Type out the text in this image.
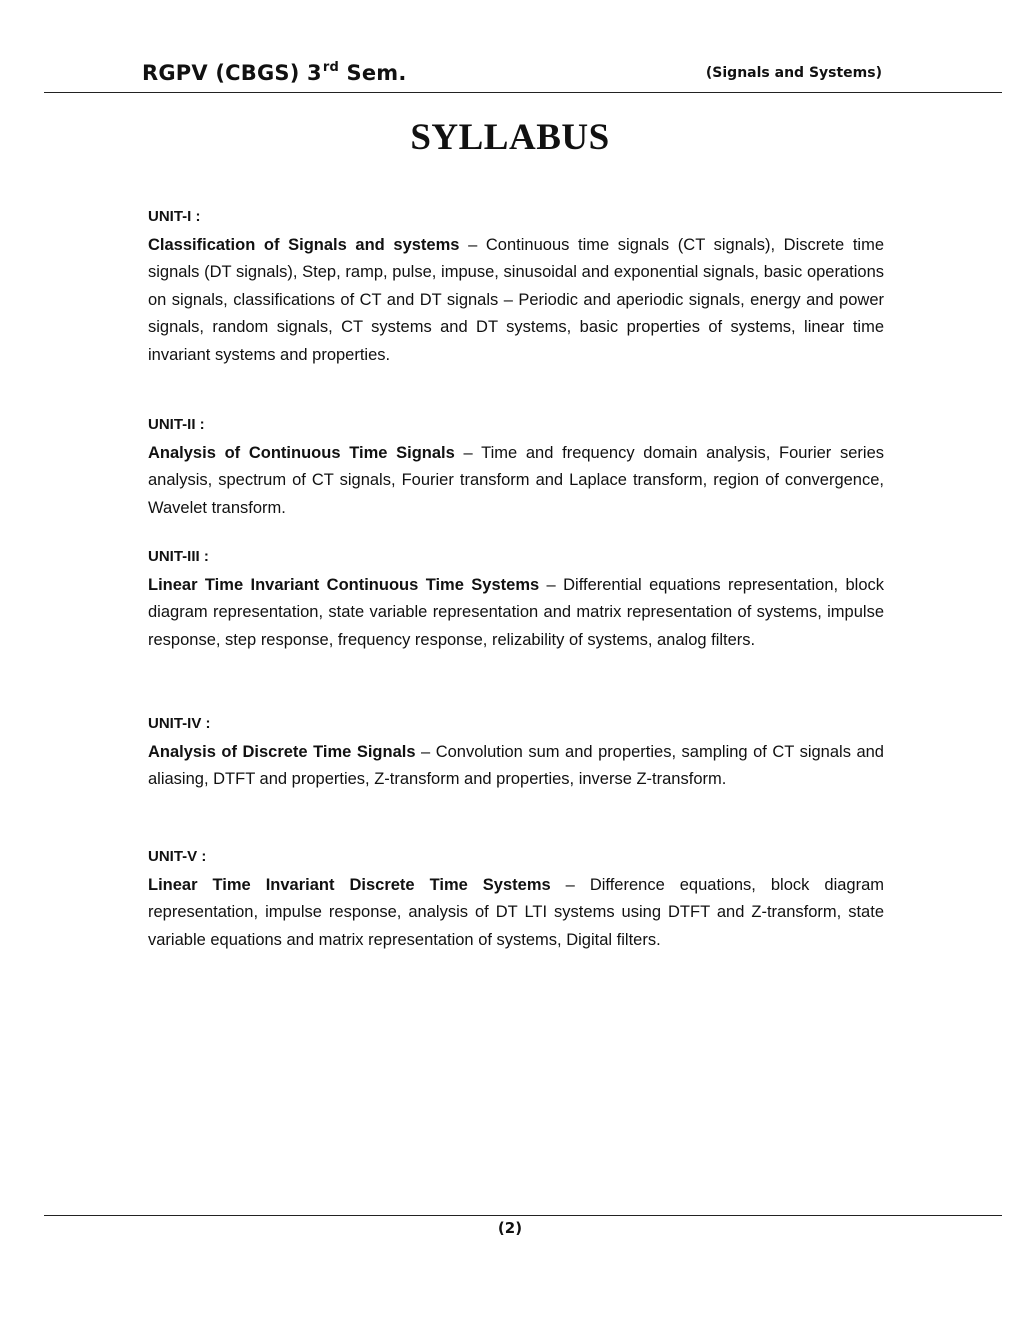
RGPV (CBGS) 3rd Sem.	(Signals and Systems)
SYLLABUS
UNIT-I :
Classification of Signals and systems – Continuous time signals (CT signals), Discrete time signals (DT signals), Step, ramp, pulse, impuse, sinusoidal and exponential signals, basic operations on signals, classifications of CT and DT signals – Periodic and aperiodic signals, energy and power signals, random signals, CT systems and DT systems, basic properties of systems, linear time invariant systems and properties.
UNIT-II :
Analysis of Continuous Time Signals – Time and frequency domain analysis, Fourier series analysis, spectrum of CT signals, Fourier transform and Laplace transform, region of convergence, Wavelet transform.
UNIT-III :
Linear Time Invariant Continuous Time Systems – Differential equations representation, block diagram representation, state variable representation and matrix representation of systems, impulse response, step response, frequency response, relizability of systems, analog filters.
UNIT-IV :
Analysis of Discrete Time Signals – Convolution sum and properties, sampling of CT signals and aliasing, DTFT and properties, Z-transform and properties, inverse Z-transform.
UNIT-V :
Linear Time Invariant Discrete Time Systems – Difference equations, block diagram representation, impulse response, analysis of DT LTI systems using DTFT and Z-transform, state variable equations and matrix representation of systems, Digital filters.
(2)
